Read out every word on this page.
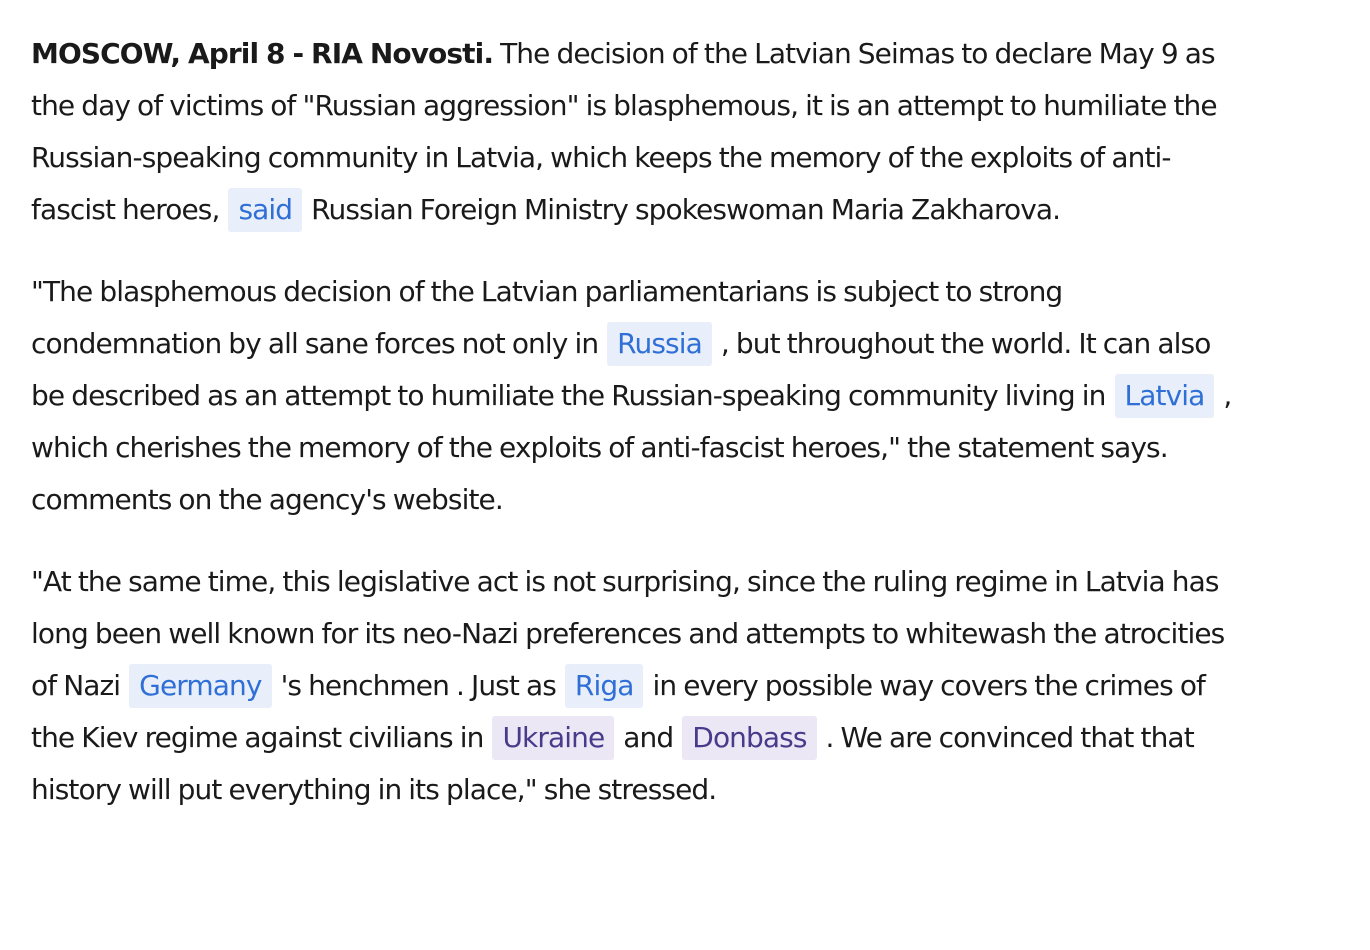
MOSCOW, April 8 - RIA Novosti. The decision of the Latvian Seimas to declare May 9 as the day of victims of "Russian aggression" is blasphemous, it is an attempt to humiliate the Russian-speaking community in Latvia, which keeps the memory of the exploits of anti-fascist heroes, said Russian Foreign Ministry spokeswoman Maria Zakharova.

"The blasphemous decision of the Latvian parliamentarians is subject to strong condemnation by all sane forces not only in Russia , but throughout the world. It can also be described as an attempt to humiliate the Russian-speaking community living in Latvia , which cherishes the memory of the exploits of anti-fascist heroes," the statement says. comments on the agency's website.

"At the same time, this legislative act is not surprising, since the ruling regime in Latvia has long been well known for its neo-Nazi preferences and attempts to whitewash the atrocities of Nazi Germany 's henchmen . Just as Riga in every possible way covers the crimes of the Kiev regime against civilians in Ukraine and Donbass . We are convinced that that history will put everything in its place," she stressed.
